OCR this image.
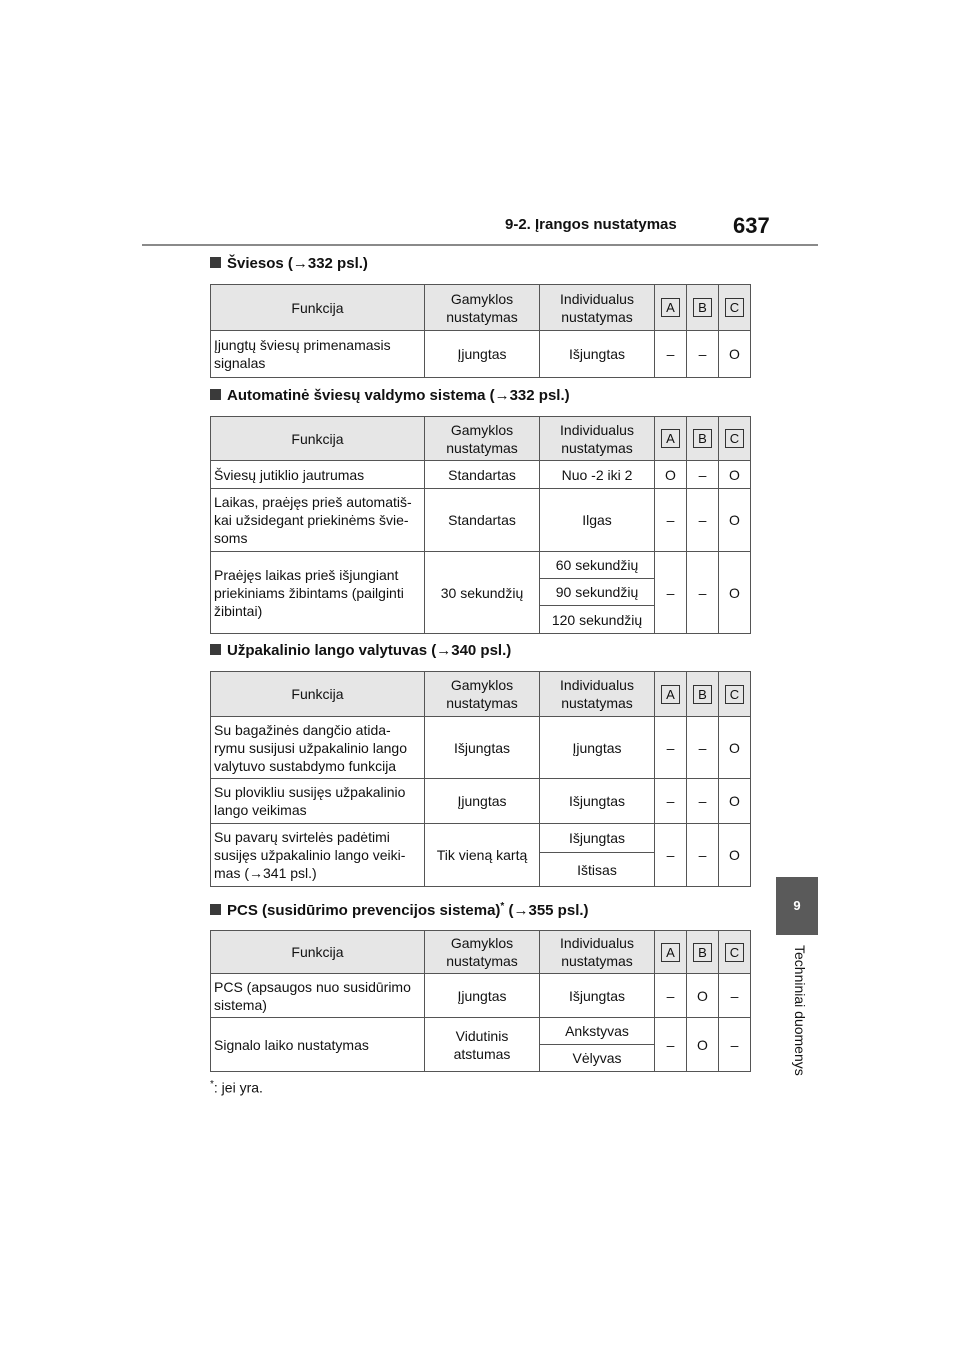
9-2. Įrangos nustatymas	637
9
Techniniai duomenys
Šviesos (→332 psl.)
Funkcija	Gamyklos nustatymas	Individualus nustatymas	A	B	C
Įjungtų šviesų primenamasis signalas	Įjungtas	Išjungtas	–	–	O
Automatinė šviesų valdymo sistema (→332 psl.)
Funkcija	Gamyklos nustatymas	Individualus nustatymas	A	B	C
Šviesų jutiklio jautrumas	Standartas	Nuo -2 iki 2	O	–	O
Laikas, praėjęs prieš automatiš-kai užsidegant priekinėms švie-soms	Standartas	Ilgas	–	–	O
Praėjęs laikas prieš išjungiant priekiniams žibintams (pailginti žibintai)	30 sekundžių	60 sekundžių	–	–	O
		90 sekundžių			
		120 sekundžių			
Užpakalinio lango valytuvas (→340 psl.)
Funkcija	Gamyklos nustatymas	Individualus nustatymas	A	B	C
Su bagažinės dangčio atida-rymu susijusi užpakalinio lango valytuvo sustabdymo funkcija	Išjungtas	Įjungtas	–	–	O
Su plovikliu susijęs užpakalinio lango veikimas	Įjungtas	Išjungtas	–	–	O
Su pavarų svirtelės padėtimi susijęs užpakalinio lango veiki-mas (→341 psl.)	Tik vieną kartą	Išjungtas	–	–	O
		Ištisas			
PCS (susidūrimo prevencijos sistema)* (→355 psl.)
Funkcija	Gamyklos nustatymas	Individualus nustatymas	A	B	C
PCS (apsaugos nuo susidūrimo sistema)	Įjungtas	Išjungtas	–	O	–
Signalo laiko nustatymas	Vidutinis atstumas	Ankstyvas	–	O	–
		Vėlyvas			
*: jei yra.
